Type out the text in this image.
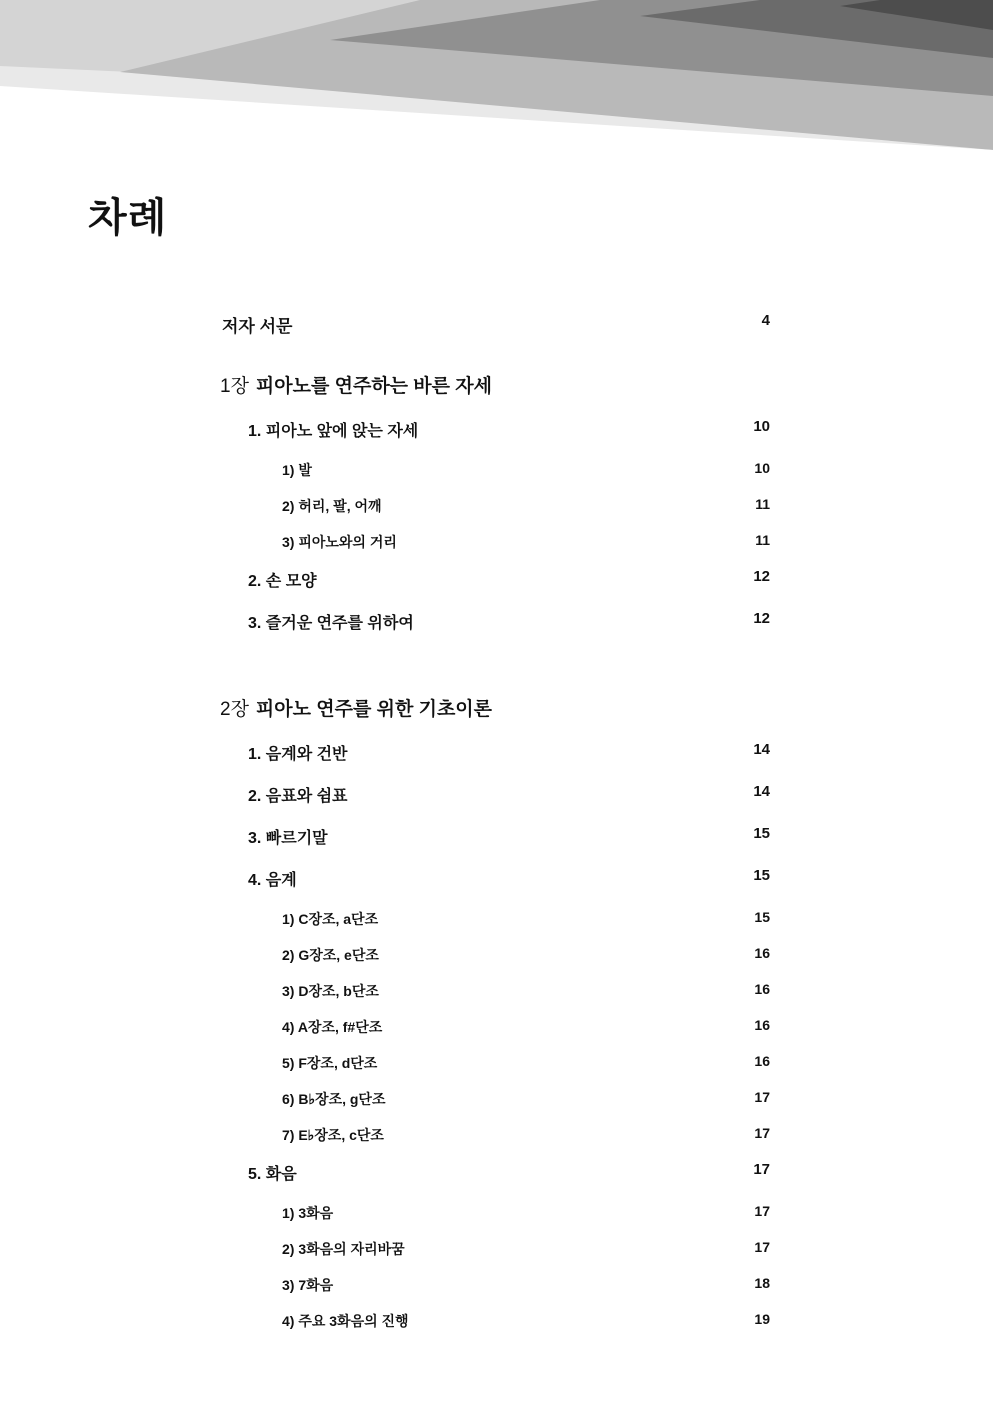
차례
저자 서문	4
1장 피아노를 연주하는 바른 자세
1. 피아노 앞에 앉는 자세	10
1) 발	10
2) 허리, 팔, 어깨	11
3) 피아노와의 거리	11
2. 손 모양	12
3. 즐거운 연주를 위하여	12
2장 피아노 연주를 위한 기초이론
1. 음계와 건반	14
2. 음표와 쉼표	14
3. 빠르기말	15
4. 음계	15
1) C장조, a단조	15
2) G장조, e단조	16
3) D장조, b단조	16
4) A장조, f#단조	16
5) F장조, d단조	16
6) B♭장조, g단조	17
7) E♭장조, c단조	17
5. 화음	17
1) 3화음	17
2) 3화음의 자리바꿈	17
3) 7화음	18
4) 주요 3화음의 진행	19
